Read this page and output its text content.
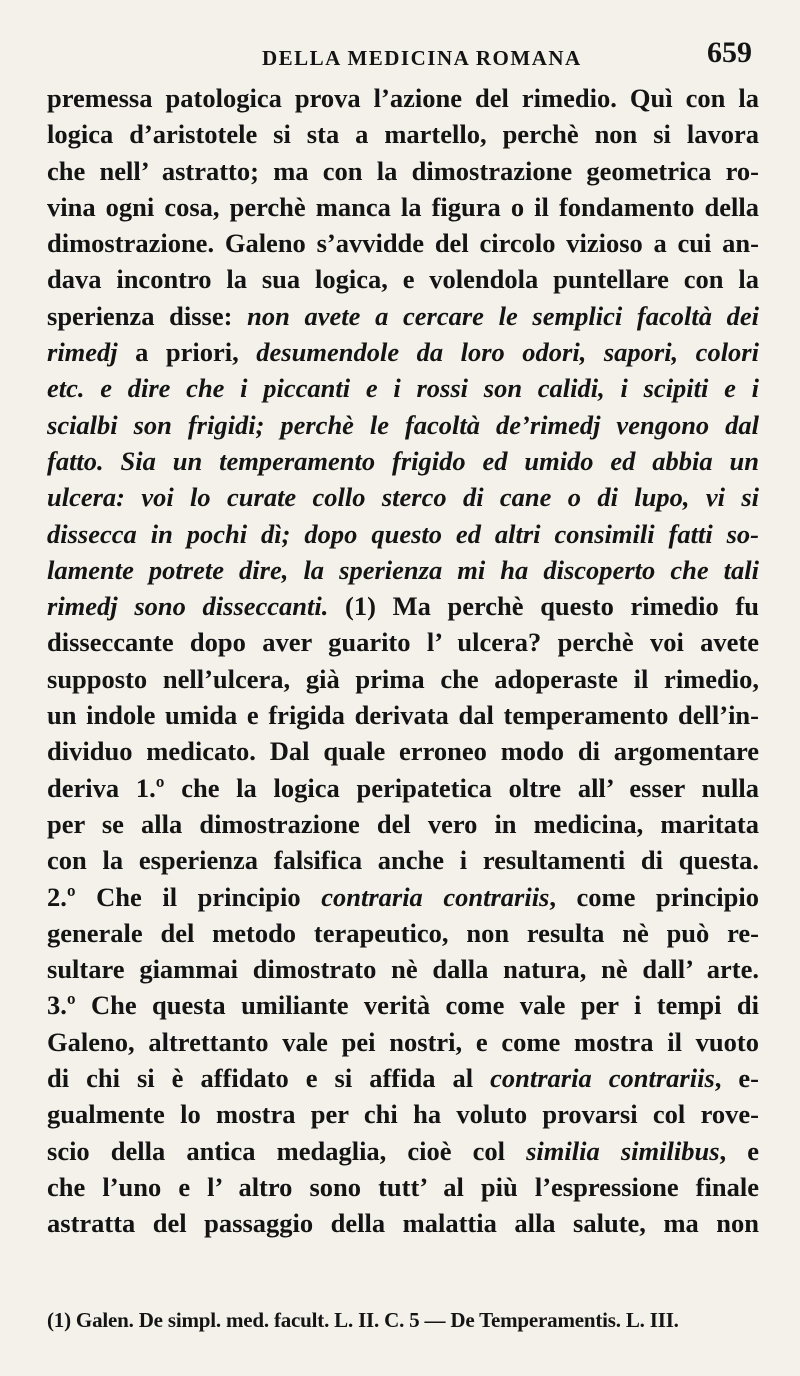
DELLA MEDICINA ROMANA	659
premessa patologica prova l’azione del rimedio. Quì con la
logica d’aristotele si sta a martello, perchè non si lavora
che nell’ astratto; ma con la dimostrazione geometrica ro-
vina ogni cosa, perchè manca la figura o il fondamento della
dimostrazione. Galeno s’avvidde del circolo vizioso a cui an-
dava incontro la sua logica, e volendola puntellare con la
sperienza disse: non avete a cercare le semplici facoltà dei
rimedj a priori, desumendole da loro odori, sapori, colori
etc. e dire che i piccanti e i rossi son calidi, i scipiti e i
scialbi son frigidi; perchè le facoltà de’rimedj vengono dal
fatto. Sia un temperamento frigido ed umido ed abbia un
ulcera: voi lo curate collo sterco di cane o di lupo, vi si
dissecca in pochi dì; dopo questo ed altri consimili fatti so-
lamente potrete dire, la sperienza mi ha discoperto che tali
rimedj sono disseccanti. (1) Ma perchè questo rimedio fu
disseccante dopo aver guarito l’ ulcera? perchè voi avete
supposto nell’ulcera, già prima che adoperaste il rimedio,
un indole umida e frigida derivata dal temperamento dell’in-
dividuo medicato. Dal quale erroneo modo di argomentare
deriva 1.º che la logica peripatetica oltre all’ esser nulla
per se alla dimostrazione del vero in medicina, maritata
con la esperienza falsifica anche i resultamenti di questa.
2.º Che il principio contraria contrariis, come principio
generale del metodo terapeutico, non resulta nè può re-
sultare giammai dimostrato nè dalla natura, nè dall’ arte.
3.º Che questa umiliante verità come vale per i tempi di
Galeno, altrettanto vale pei nostri, e come mostra il vuoto
di chi si è affidato e si affida al contraria contrariis, e-
gualmente lo mostra per chi ha voluto provarsi col rove-
scio della antica medaglia, cioè col similia similibus, e
che l’uno e l’ altro sono tutt’ al più l’espressione finale
astratta del passaggio della malattia alla salute, ma non
(1) Galen. De simpl. med. facult. L. II. C. 5 — De Temperamentis. L. III.
